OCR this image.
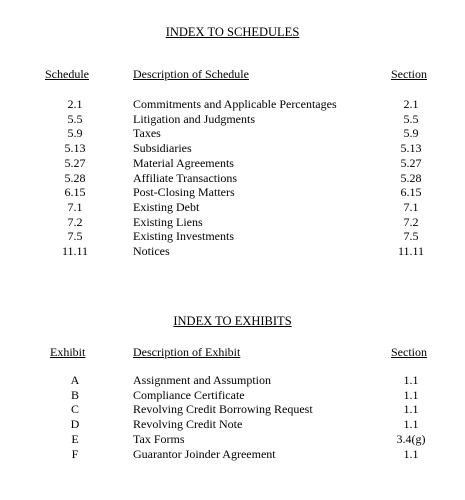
INDEX TO SCHEDULES
Schedule	Description of Schedule	Section
2.1	Commitments and Applicable Percentages	2.1
5.5	Litigation and Judgments	5.5
5.9	Taxes	5.9
5.13	Subsidiaries	5.13
5.27	Material Agreements	5.27
5.28	Affiliate Transactions	5.28
6.15	Post-Closing Matters	6.15
7.1	Existing Debt	7.1
7.2	Existing Liens	7.2
7.5	Existing Investments	7.5
11.11	Notices	11.11
INDEX TO EXHIBITS
Exhibit	Description of Exhibit	Section
A	Assignment and Assumption	1.1
B	Compliance Certificate	1.1
C	Revolving Credit Borrowing Request	1.1
D	Revolving Credit Note	1.1
E	Tax Forms	3.4(g)
F	Guarantor Joinder Agreement	1.1
